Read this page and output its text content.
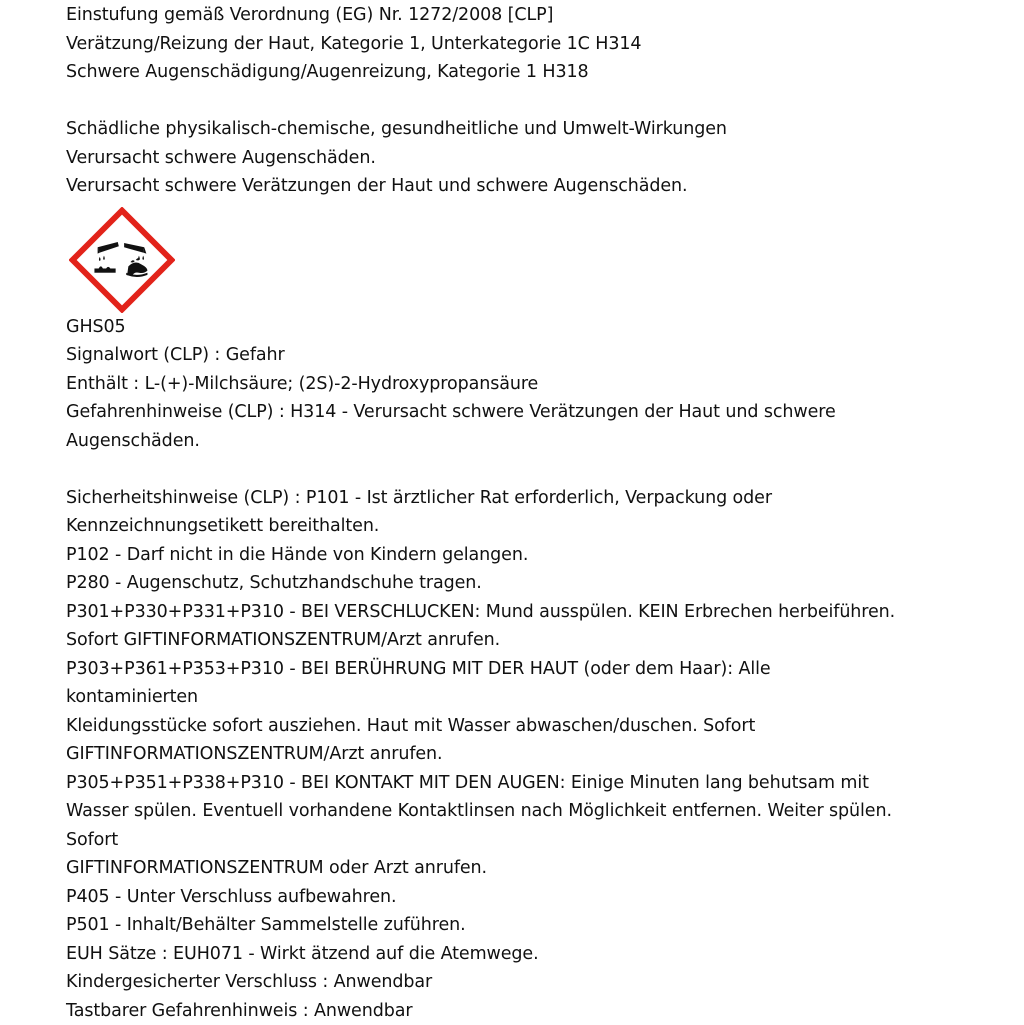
Einstufung gemäß Verordnung (EG) Nr. 1272/2008 [CLP]
Verätzung/Reizung der Haut, Kategorie 1, Unterkategorie 1C H314
Schwere Augenschädigung/Augenreizung, Kategorie 1 H318
Schädliche physikalisch-chemische, gesundheitliche und Umwelt-Wirkungen
Verursacht schwere Augenschäden.
Verursacht schwere Verätzungen der Haut und schwere Augenschäden.
GHS05
Signalwort (CLP) : Gefahr
Enthält : L-(+)-Milchsäure; (2S)-2-Hydroxypropansäure
Gefahrenhinweise (CLP) : H314 - Verursacht schwere Verätzungen der Haut und schwere
Augenschäden.
Sicherheitshinweise (CLP) : P101 - Ist ärztlicher Rat erforderlich, Verpackung oder
Kennzeichnungsetikett bereithalten.
P102 - Darf nicht in die Hände von Kindern gelangen.
P280 - Augenschutz, Schutzhandschuhe tragen.
P301+P330+P331+P310 - BEI VERSCHLUCKEN: Mund ausspülen. KEIN Erbrechen herbeiführen.
Sofort GIFTINFORMATIONSZENTRUM/Arzt anrufen.
P303+P361+P353+P310 - BEI BERÜHRUNG MIT DER HAUT (oder dem Haar): Alle
kontaminierten
Kleidungsstücke sofort ausziehen. Haut mit Wasser abwaschen/duschen. Sofort
GIFTINFORMATIONSZENTRUM/Arzt anrufen.
P305+P351+P338+P310 - BEI KONTAKT MIT DEN AUGEN: Einige Minuten lang behutsam mit
Wasser spülen. Eventuell vorhandene Kontaktlinsen nach Möglichkeit entfernen. Weiter spülen.
Sofort
GIFTINFORMATIONSZENTRUM oder Arzt anrufen.
P405 - Unter Verschluss aufbewahren.
P501 - Inhalt/Behälter Sammelstelle zuführen.
EUH Sätze : EUH071 - Wirkt ätzend auf die Atemwege.
Kindergesicherter Verschluss : Anwendbar
Tastbarer Gefahrenhinweis : Anwendbar
